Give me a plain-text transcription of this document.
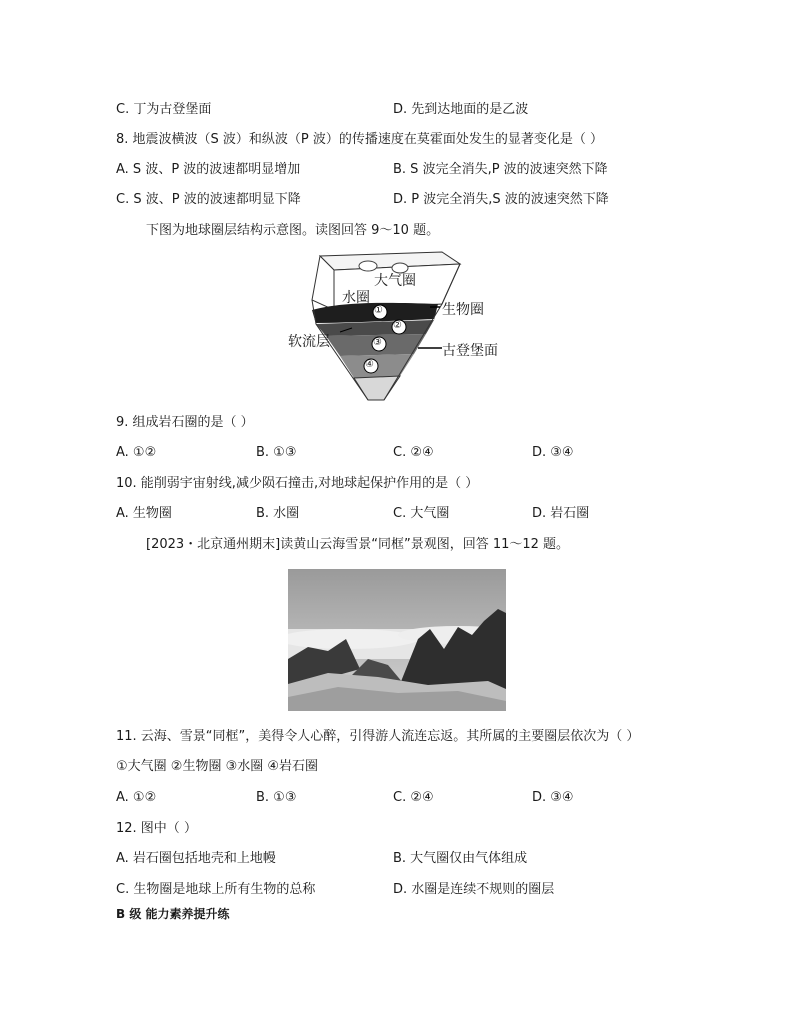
C. 丁为古登堡面	D. 先到达地面的是乙波
8. 地震波横波（S 波）和纵波（P 波）的传播速度在莫霍面处发生的显著变化是（ ）
A. S 波、P 波的波速都明显增加	B. S 波完全消失,P 波的波速突然下降
C. S 波、P 波的波速都明显下降	D. P 波完全消失,S 波的波速突然下降
下图为地球圈层结构示意图。读图回答 9～10 题。
大气圈
水圈
生物圈
软流层
古登堡面
①
②
③
④
9. 组成岩石圈的是（ ）
A. ①②	B. ①③	C. ②④	D. ③④
10. 能削弱宇宙射线,减少陨石撞击,对地球起保护作用的是（ ）
A. 生物圈	B. 水圈	C. 大气圈	D. 岩石圈
[2023・北京通州期末]读黄山云海雪景“同框”景观图，回答 11～12 题。
11. 云海、雪景“同框”，美得令人心醉，引得游人流连忘返。其所属的主要圈层依次为（ ）
①大气圈 ②生物圈 ③水圈 ④岩石圈
A. ①②	B. ①③	C. ②④	D. ③④
12. 图中（ ）
A. 岩石圈包括地壳和上地幔	B. 大气圈仅由气体组成
C. 生物圈是地球上所有生物的总称	D. 水圈是连续不规则的圈层
B 级 能力素养提升练
